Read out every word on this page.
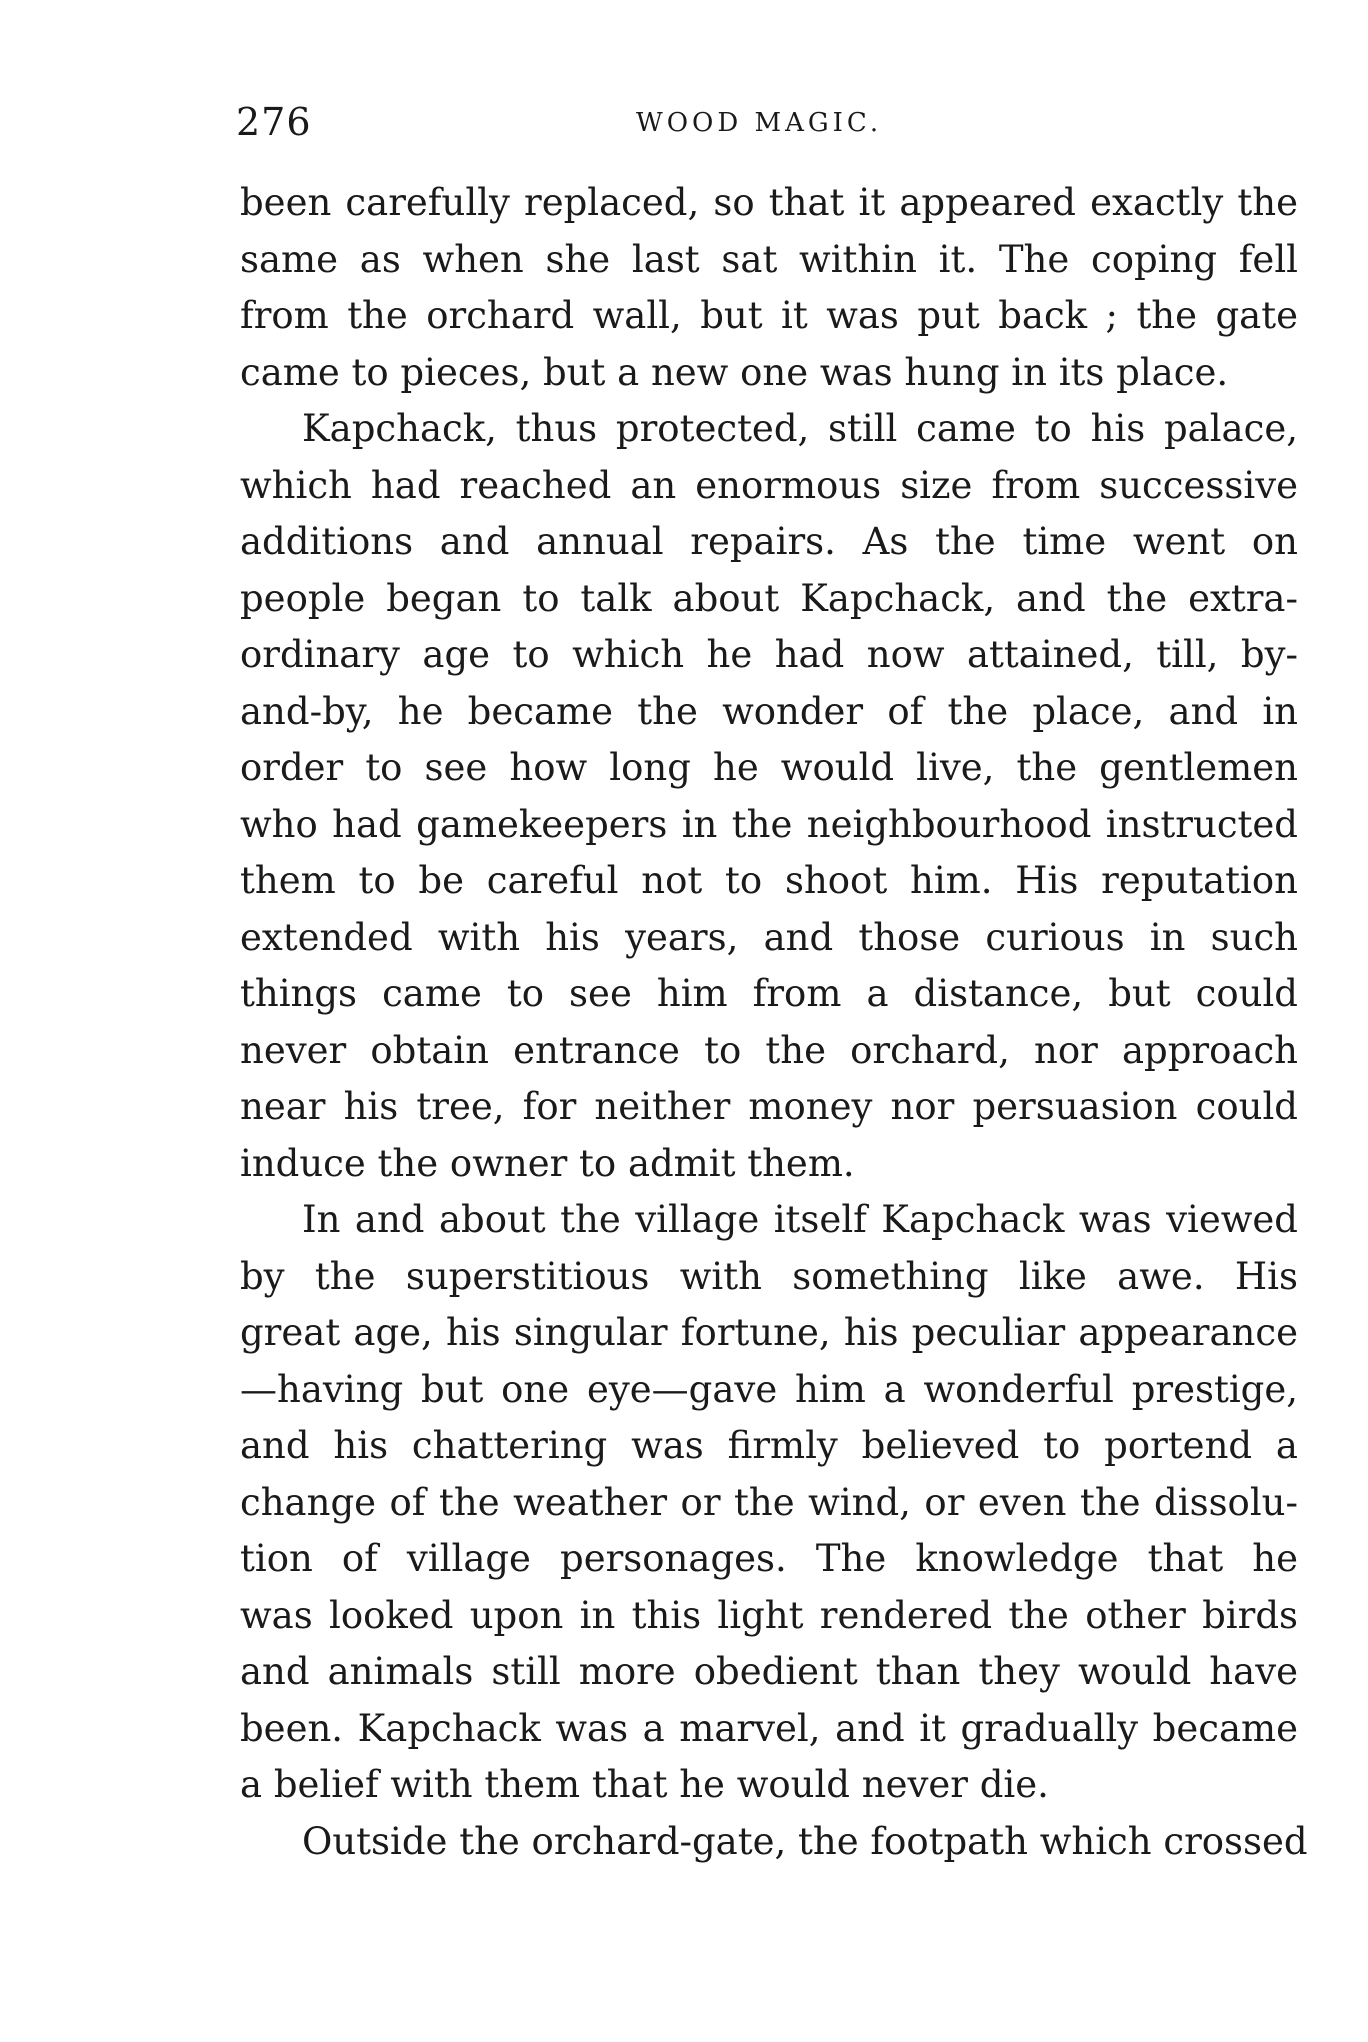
276	WOOD MAGIC.
been carefully replaced, so that it appeared exactly the
same as when she last sat within it. The coping fell
from the orchard wall, but it was put back ; the gate
came to pieces, but a new one was hung in its place.
Kapchack, thus protected, still came to his palace,
which had reached an enormous size from successive
additions and annual repairs. As the time went on
people began to talk about Kapchack, and the extra-
ordinary age to which he had now attained, till, by-
and-by, he became the wonder of the place, and in
order to see how long he would live, the gentlemen
who had gamekeepers in the neighbourhood instructed
them to be careful not to shoot him. His reputation
extended with his years, and those curious in such
things came to see him from a distance, but could
never obtain entrance to the orchard, nor approach
near his tree, for neither money nor persuasion could
induce the owner to admit them.
In and about the village itself Kapchack was viewed
by the superstitious with something like awe. His
great age, his singular fortune, his peculiar appearance
—having but one eye—gave him a wonderful prestige,
and his chattering was firmly believed to portend a
change of the weather or the wind, or even the dissolu-
tion of village personages. The knowledge that he
was looked upon in this light rendered the other birds
and animals still more obedient than they would have
been. Kapchack was a marvel, and it gradually became
a belief with them that he would never die.
Outside the orchard-gate, the footpath which crossed
